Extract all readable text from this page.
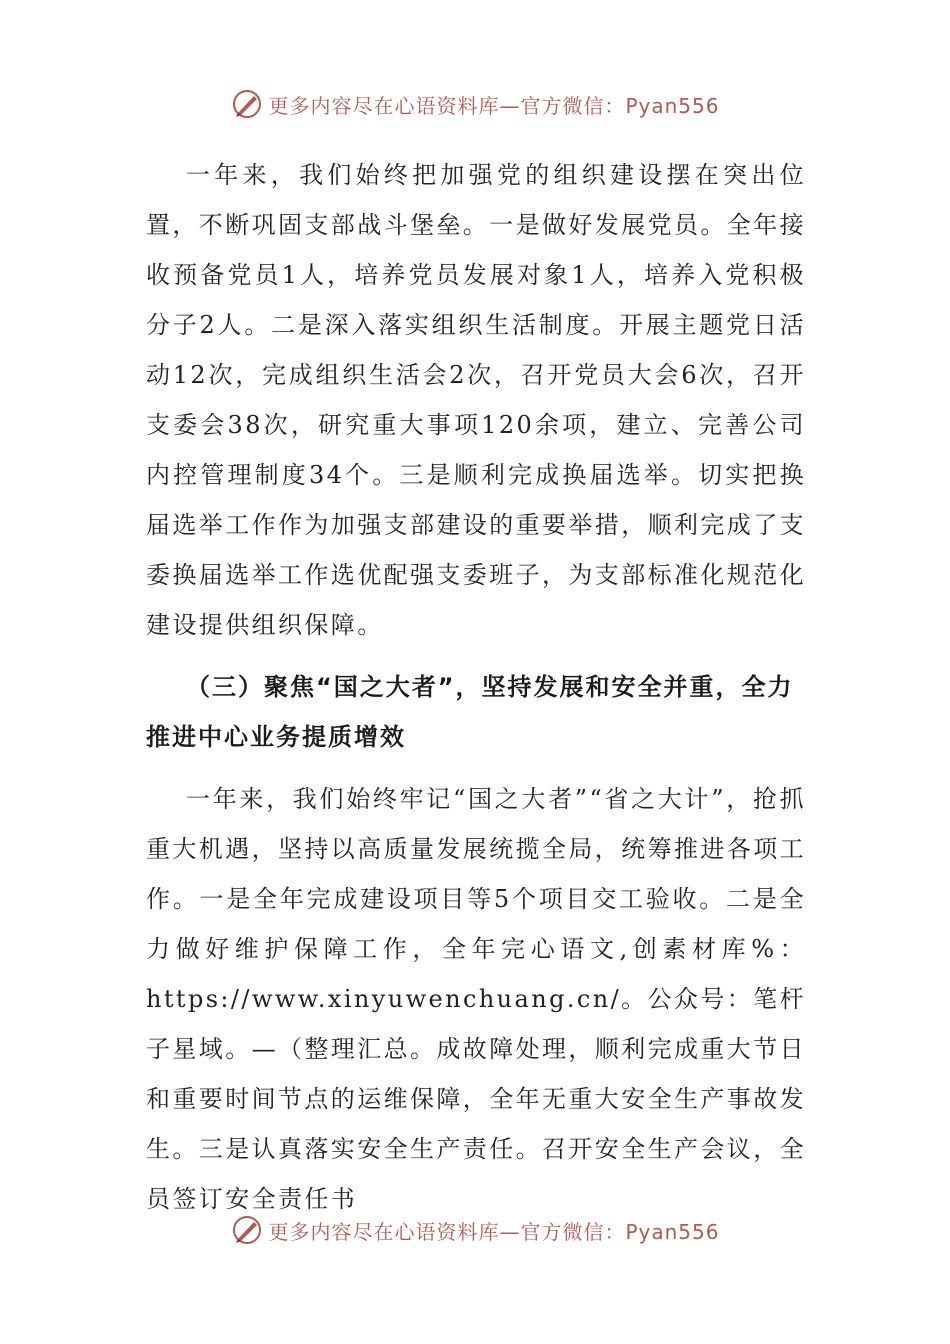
更多内容尽在心语资料库—官方微信：Pyan556

一年来，我们始终把加强党的组织建设摆在突出位置，不断巩固支部战斗堡垒。一是做好发展党员。全年接收预备党员1人，培养党员发展对象1人，培养入党积极分子2人。二是深入落实组织生活制度。开展主题党日活动12次，完成组织生活会2次，召开党员大会6次，召开支委会38次，研究重大事项120余项，建立、完善公司内控管理制度34个。三是顺利完成换届选举。切实把换届选举工作作为加强支部建设的重要举措，顺利完成了支委换届选举工作选优配强支委班子，为支部标准化规范化建设提供组织保障。

（三）聚焦“国之大者”，坚持发展和安全并重，全力推进中心业务提质增效

一年来，我们始终牢记“国之大者”“省之大计”，抢抓重大机遇，坚持以高质量发展统揽全局，统筹推进各项工作。一是全年完成建设项目等5个项目交工验收。二是全力做好维护保障工作，全年完心语文,创素材库%：https://www.xinyuwenchuang.cn/。公众号：笔杆子星域。—（整理汇总。成故障处理，顺利完成重大节日和重要时间节点的运维保障，全年无重大安全生产事故发生。三是认真落实安全生产责任。召开安全生产会议，全员签订安全责任书

更多内容尽在心语资料库—官方微信：Pyan556
